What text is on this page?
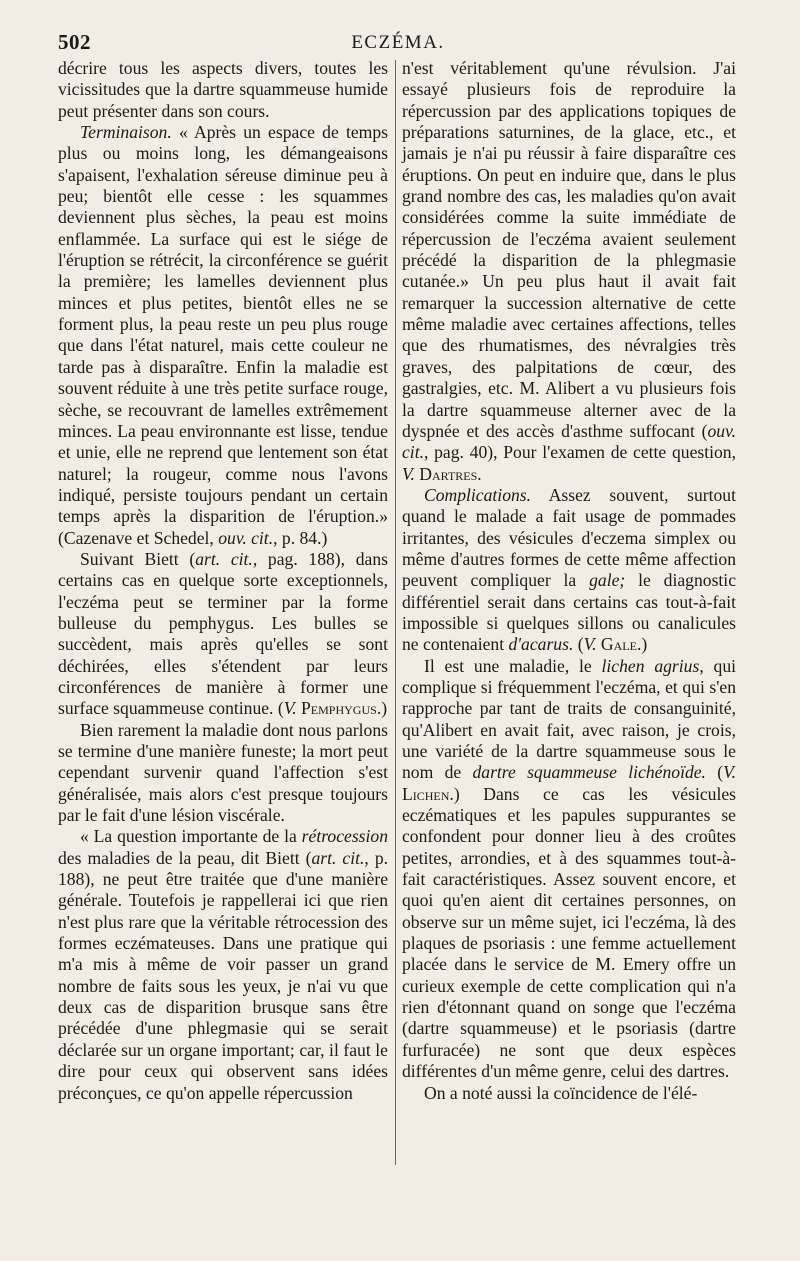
502	ECZÉMA.

décrire tous les aspects divers, toutes les vicissitudes que la dartre squammeuse humide peut présenter dans son cours.

Terminaison. « Après un espace de temps plus ou moins long, les démangeaisons s'apaisent, l'exhalation séreuse diminue peu à peu; bientôt elle cesse : les squammes deviennent plus sèches, la peau est moins enflammée. La surface qui est le siége de l'éruption se rétrécit, la circonférence se guérit la première; les lamelles deviennent plus minces et plus petites, bientôt elles ne se forment plus, la peau reste un peu plus rouge que dans l'état naturel, mais cette couleur ne tarde pas à disparaître. Enfin la maladie est souvent réduite à une très petite surface rouge, sèche, se recouvrant de lamelles extrêmement minces. La peau environnante est lisse, tendue et unie, elle ne reprend que lentement son état naturel; la rougeur, comme nous l'avons indiqué, persiste toujours pendant un certain temps après la disparition de l'éruption.» (Cazenave et Schedel, ouv. cit., p. 84.)

Suivant Biett (art. cit., pag. 188), dans certains cas en quelque sorte exceptionnels, l'eczéma peut se terminer par la forme bulleuse du pemphygus. Les bulles se succèdent, mais après qu'elles se sont déchirées, elles s'étendent par leurs circonférences de manière à former une surface squammeuse continue. (V. Pemphygus.)

Bien rarement la maladie dont nous parlons se termine d'une manière funeste; la mort peut cependant survenir quand l'affection s'est généralisée, mais alors c'est presque toujours par le fait d'une lésion viscérale.

« La question importante de la rétrocession des maladies de la peau, dit Biett (art. cit., p. 188), ne peut être traitée que d'une manière générale. Toutefois je rappellerai ici que rien n'est plus rare que la véritable rétrocession des formes eczémateuses. Dans une pratique qui m'a mis à même de voir passer un grand nombre de faits sous les yeux, je n'ai vu que deux cas de disparition brusque sans être précédée d'une phlegmasie qui se serait déclarée sur un organe important; car, il faut le dire pour ceux qui observent sans idées préconçues, ce qu'on appelle répercussion

n'est véritablement qu'une révulsion. J'ai essayé plusieurs fois de reproduire la répercussion par des applications topiques de préparations saturnines, de la glace, etc., et jamais je n'ai pu réussir à faire disparaître ces éruptions. On peut en induire que, dans le plus grand nombre des cas, les maladies qu'on avait considérées comme la suite immédiate de répercussion de l'eczéma avaient seulement précédé la disparition de la phlegmasie cutanée.» Un peu plus haut il avait fait remarquer la succession alternative de cette même maladie avec certaines affections, telles que des rhumatismes, des névralgies très graves, des palpitations de cœur, des gastralgies, etc. M. Alibert a vu plusieurs fois la dartre squammeuse alterner avec de la dyspnée et des accès d'asthme suffocant (ouv. cit., pag. 40), Pour l'examen de cette question, V. Dartres.

Complications. Assez souvent, surtout quand le malade a fait usage de pommades irritantes, des vésicules d'eczema simplex ou même d'autres formes de cette même affection peuvent compliquer la gale; le diagnostic différentiel serait dans certains cas tout-à-fait impossible si quelques sillons ou canalicules ne contenaient d'acarus. (V. Gale.)

Il est une maladie, le lichen agrius, qui complique si fréquemment l'eczéma, et qui s'en rapproche par tant de traits de consanguinité, qu'Alibert en avait fait, avec raison, je crois, une variété de la dartre squammeuse sous le nom de dartre squammeuse lichénoïde. (V. Lichen.) Dans ce cas les vésicules eczématiques et les papules suppurantes se confondent pour donner lieu à des croûtes petites, arrondies, et à des squammes tout-à-fait caractéristiques. Assez souvent encore, et quoi qu'en aient dit certaines personnes, on observe sur un même sujet, ici l'eczéma, là des plaques de psoriasis : une femme actuellement placée dans le service de M. Emery offre un curieux exemple de cette complication qui n'a rien d'étonnant quand on songe que l'eczéma (dartre squammeuse) et le psoriasis (dartre furfuracée) ne sont que deux espèces différentes d'un même genre, celui des dartres.

On a noté aussi la coïncidence de l'élé-
